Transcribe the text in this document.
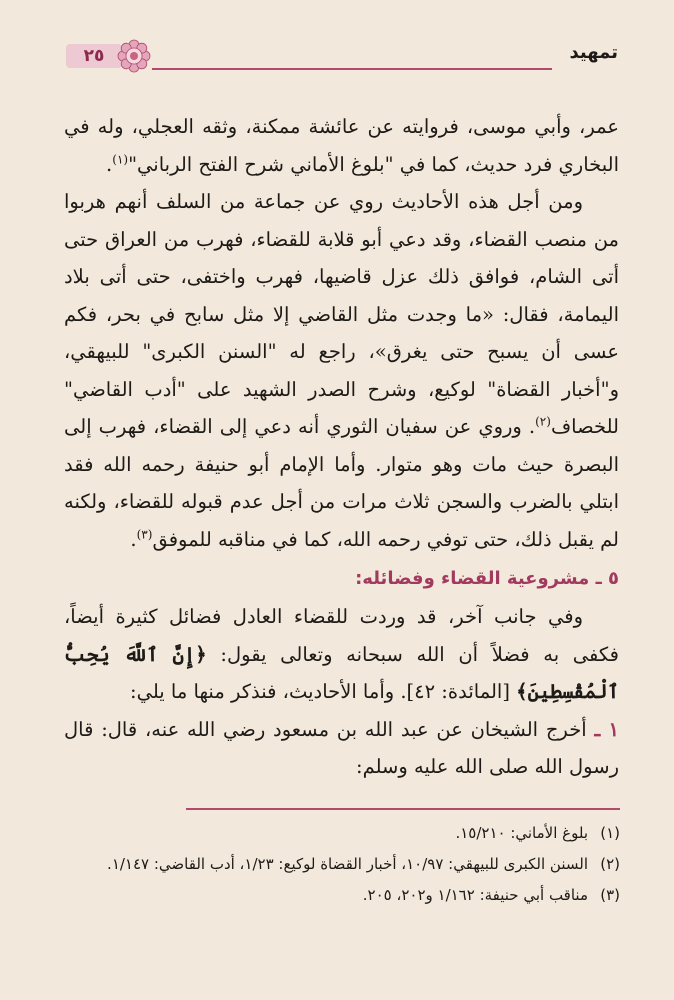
٢٥	تمهيد

عمر، وأبي موسى، فروايته عن عائشة ممكنة، وثقه العجلي، وله في البخاري فرد حديث، كما في "بلوغ الأماني شرح الفتح الرباني"$^{(١)}$.

ومن أجل هذه الأحاديث روي عن جماعة من السلف أنهم هربوا من منصب القضاء، وقد دعي أبو قلابة للقضاء، فهرب من العراق حتى أتى الشام، فوافق ذلك عزل قاضيها، فهرب واختفى، حتى أتى بلاد اليمامة، فقال: «ما وجدت مثل القاضي إلا مثل سابح في بحر، فكم عسى أن يسبح حتى يغرق»، راجع له "السنن الكبرى" للبيهقي، و"أخبار القضاة" لوكيع، وشرح الصدر الشهيد على "أدب القاضي" للخصاف$^{(٢)}$. وروي عن سفيان الثوري أنه دعي إلى القضاء، فهرب إلى البصرة حيث مات وهو متوار. وأما الإمام أبو حنيفة رحمه الله فقد ابتلي بالضرب والسجن ثلاث مرات من أجل عدم قبوله للقضاء، ولكنه لم يقبل ذلك، حتى توفي رحمه الله، كما في مناقبه للموفق$^{(٣)}$.

٥ ـ مشروعية القضاء وفضائله:

وفي جانب آخر، قد وردت للقضاء العادل فضائل كثيرة أيضاً، فكفى به فضلاً أن الله سبحانه وتعالى يقول: ﴿إِنَّ ٱللَّهَ يُحِبُّ ٱلْمُقْسِطِينَ﴾ [المائدة: ٤٢]. وأما الأحاديث، فنذكر منها ما يلي:

١ ـ أخرج الشيخان عن عبد الله بن مسعود رضي الله عنه، قال: قال رسول الله صلى الله عليه وسلم:

(١)
بلوغ الأماني: ١٥/٢١٠.

(٢)
السنن الكبرى للبيهقي: ١٠/٩٧، أخبار القضاة لوكيع: ١/٢٣، أدب القاضي: ١/١٤٧.

(٣)
مناقب أبي حنيفة: ١/١٦٢ و٢٠٢، ٢٠٥.
